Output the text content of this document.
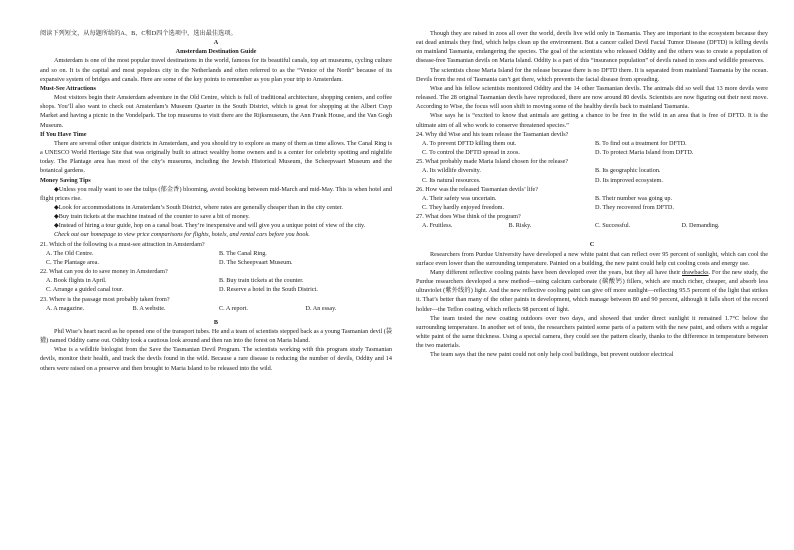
阅读下列短文，从每题所给的A、B、C和D四个选项中，选出最佳选项。

A

Amsterdam Destination Guide

Amsterdam is one of the most popular travel destinations in the world, famous for its beautiful canals, top art museums, cycling culture and so on. It is the capital and most populous city in the Netherlands and often referred to as the “Venice of the North” because of its expansive system of bridges and canals. Here are some of the key points to remember as you plan your trip to Amsterdam.

Must-See Attractions

Most visitors begin their Amsterdam adventure in the Old Centre, which is full of traditional architecture, shopping centers, and coffee shops. You’ll also want to check out Amsterdam’s Museum Quarter in the South District, which is great for shopping at the Albert Cuyp Market and having a picnic in the Vondelpark. The top museums to visit there are the Rijksmuseum, the Ann Frank House, and the Van Gogh Museum.

If You Have Time

There are several other unique districts in Amsterdam, and you should try to explore as many of them as time allows. The Canal Ring is a UNESCO World Heritage Site that was originally built to attract wealthy home owners and is a center for celebrity spotting and nightlife today. The Plantage area has most of the city’s museums, including the Jewish Historical Museum, the Scheepvaart Museum and the botanical gardens.

Money Saving Tips

◆Unless you really want to see the tulips (郁金香) blooming, avoid booking between mid-March and mid-May. This is when hotel and flight prices rise.

◆Look for accommodations in Amsterdam’s South District, where rates are generally cheaper than in the city center.

◆Buy train tickets at the machine instead of the counter to save a bit of money.

◆Instead of hiring a tour guide, hop on a canal boat. They’re inexpensive and will give you a unique point of view of the city.

Check out our homepage to view price comparisons for flights, hotels, and rental cars before you book.

21. Which of the following is a must-see attraction in Amsterdam?

A. The Old Centre.	B. The Canal Ring.
C. The Plantage area.	D. The Scheepvaart Museum.

22. What can you do to save money in Amsterdam?

A. Book flights in April.	B. Buy train tickets at the counter.
C. Arrange a guided canal tour.	D. Reserve a hotel in the South District.

23. Where is the passage most probably taken from?

A. A magazine.	B. A website.	C. A report.	D. An essay.

B

Phil Wise’s heart raced as he opened one of the transport tubes. He and a team of scientists stepped back as a young Tasmanian devil (袋獾) named Oddity came out. Oddity took a cautious look around and then ran into the forest on Maria Island.

Wise is a wildlife biologist from the Save the Tasmanian Devil Program. The scientists working with this program study Tasmanian devils, monitor their health, and track the devils found in the wild. Because a rare disease is reducing the number of devils, Oddity and 14 others were raised on a preserve and then brought to Maria Island to be released into the wild.

Though they are raised in zoos all over the world, devils live wild only in Tasmania. They are important to the ecosystem because they eat dead animals they find, which helps clean up the environment. But a cancer called Devil Facial Tumor Disease (DFTD) is killing devils on mainland Tasmania, endangering the species. The goal of the scientists who released Oddity and the others was to create a population of disease-free Tasmanian devils on Maria Island. Oddity is a part of this “insurance population” of devils raised in zoos and wildlife preserves.

The scientists chose Maria Island for the release because there is no DFTD there. It is separated from mainland Tasmania by the ocean. Devils from the rest of Tasmania can’t get there, which prevents the facial disease from spreading.

Wise and his fellow scientists monitored Oddity and the 14 other Tasmanian devils. The animals did so well that 13 more devils were released. The 28 original Tasmanian devils have reproduced, there are now around 80 devils. Scientists are now figuring out their next move. According to Wise, the focus will soon shift to moving some of the healthy devils back to mainland Tasmania.

Wise says he is “excited to know that animals are getting a chance to be free in the wild in an area that is free of DFTD. It is the ultimate aim of all who work to conserve threatened species.”

24. Why did Wise and his team release the Tasmanian devils?

A. To prevent DFTD killing them out.	B. To find out a treatment for DFTD.
C. To control the DFTD spread in zoos.	D. To protect Maria Island from DFTD.

25. What probably made Maria Island chosen for the release?

A. Its wildlife diversity.	B. Its geographic location.
C. Its natural resources.	D. Its improved ecosystem.

26. How was the released Tasmanian devils’ life?

A. Their safety was uncertain.	B. Their number was going up.
C. They hardly enjoyed freedom.	D. They recovered from DFTD.

27. What does Wise think of the program?

A. Fruitless.	B. Risky.	C. Successful.	D. Demanding.

C

Researchers from Purdue University have developed a new white paint that can reflect over 95 percent of sunlight, which can cool the surface even lower than the surrounding temperature. Painted on a building, the new paint could help cut cooling costs and energy use.

Many different reflective cooling paints have been developed over the years, but they all have their drawbacks. For the new study, the Purdue researchers developed a new method—using calcium carbonate (碳酸钙) fillers, which are much richer, cheaper, and absorb less ultraviolet (紫外线的) light. And the new reflective cooling paint can give off more sunlight—reflecting 95.5 percent of the light that strikes it. That’s better than many of the other paints in development, which manage between 80 and 90 percent, although it falls short of the record holder—the Teflon coating, which reflects 98 percent of light.

The team tested the new coating outdoors over two days, and showed that under direct sunlight it remained 1.7°C below the surrounding temperature. In another set of tests, the researchers painted some parts of a pattern with the new paint, and others with a regular white paint of the same thickness. Using a special camera, they could see the pattern clearly, thanks to the difference in temperature between the two materials.

The team says that the new paint could not only help cool buildings, but prevent outdoor electrical
